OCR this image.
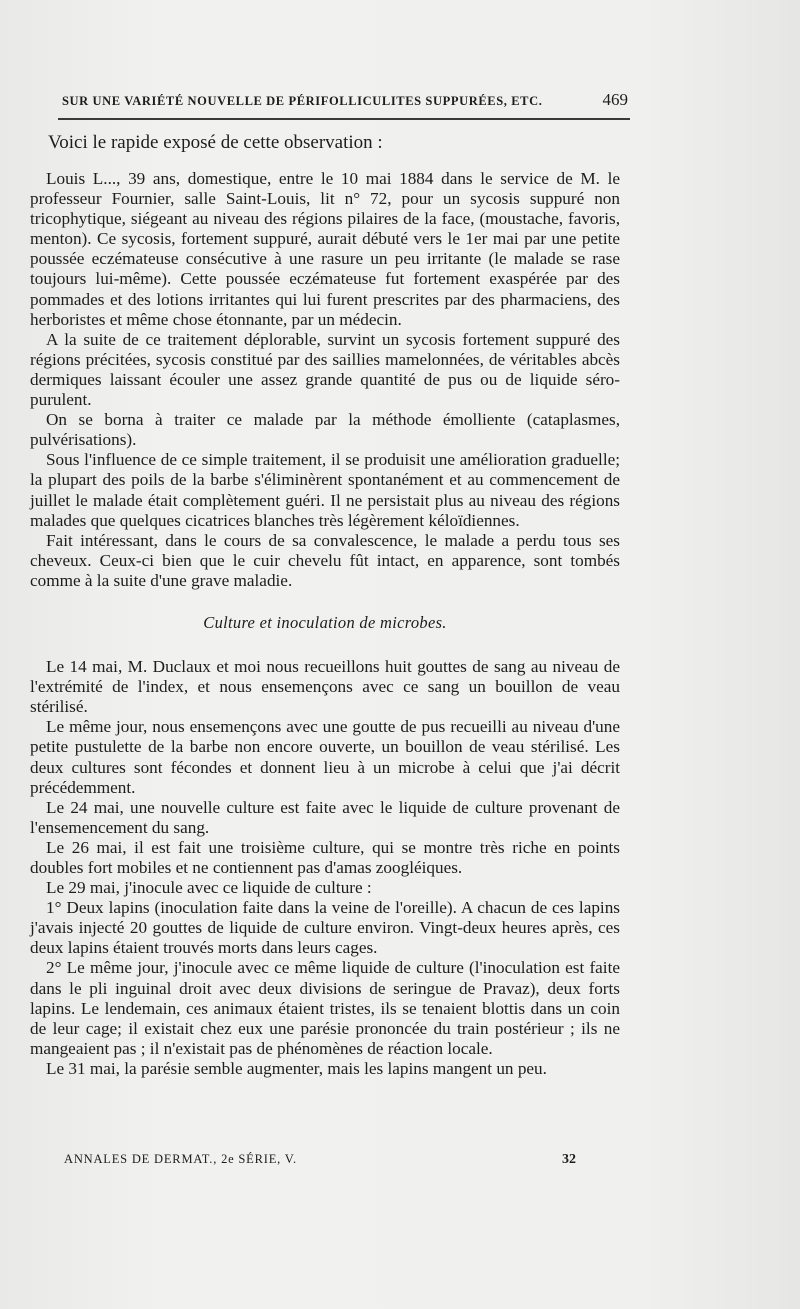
SUR UNE VARIÉTÉ NOUVELLE DE PÉRIFOLLICULITES SUPPURÉES, ETC.	469

Voici le rapide exposé de cette observation :

Louis L..., 39 ans, domestique, entre le 10 mai 1884 dans le service de M. le professeur Fournier, salle Saint-Louis, lit n° 72, pour un sycosis suppuré non tricophytique, siégeant au niveau des régions pilaires de la face, (moustache, favoris, menton). Ce sycosis, fortement suppuré, aurait débuté vers le 1er mai par une petite poussée eczémateuse consécutive à une rasure un peu irritante (le malade se rase toujours lui-même). Cette poussée eczémateuse fut fortement exaspérée par des pommades et des lotions irritantes qui lui furent prescrites par des pharmaciens, des herboristes et même chose étonnante, par un médecin.

A la suite de ce traitement déplorable, survint un sycosis fortement suppuré des régions précitées, sycosis constitué par des saillies mamelonnées, de véritables abcès dermiques laissant écouler une assez grande quantité de pus ou de liquide séro-purulent.

On se borna à traiter ce malade par la méthode émolliente (cataplasmes, pulvérisations).

Sous l'influence de ce simple traitement, il se produisit une amélioration graduelle; la plupart des poils de la barbe s'éliminèrent spontanément et au commencement de juillet le malade était complètement guéri. Il ne persistait plus au niveau des régions malades que quelques cicatrices blanches très légèrement kéloïdiennes.

Fait intéressant, dans le cours de sa convalescence, le malade a perdu tous ses cheveux. Ceux-ci bien que le cuir chevelu fût intact, en apparence, sont tombés comme à la suite d'une grave maladie.

Culture et inoculation de microbes.

Le 14 mai, M. Duclaux et moi nous recueillons huit gouttes de sang au niveau de l'extrémité de l'index, et nous ensemençons avec ce sang un bouillon de veau stérilisé.

Le même jour, nous ensemençons avec une goutte de pus recueilli au niveau d'une petite pustulette de la barbe non encore ouverte, un bouillon de veau stérilisé. Les deux cultures sont fécondes et donnent lieu à un microbe à celui que j'ai décrit précédemment.

Le 24 mai, une nouvelle culture est faite avec le liquide de culture provenant de l'ensemencement du sang.

Le 26 mai, il est fait une troisième culture, qui se montre très riche en points doubles fort mobiles et ne contiennent pas d'amas zoogléiques.

Le 29 mai, j'inocule avec ce liquide de culture :

1° Deux lapins (inoculation faite dans la veine de l'oreille). A chacun de ces lapins j'avais injecté 20 gouttes de liquide de culture environ. Vingt-deux heures après, ces deux lapins étaient trouvés morts dans leurs cages.

2° Le même jour, j'inocule avec ce même liquide de culture (l'inoculation est faite dans le pli inguinal droit avec deux divisions de seringue de Pravaz), deux forts lapins. Le lendemain, ces animaux étaient tristes, ils se tenaient blottis dans un coin de leur cage; il existait chez eux une parésie prononcée du train postérieur ; ils ne mangeaient pas ; il n'existait pas de phénomènes de réaction locale.

Le 31 mai, la parésie semble augmenter, mais les lapins mangent un peu.

ANNALES DE DERMAT., 2e SÉRIE, V.	32
